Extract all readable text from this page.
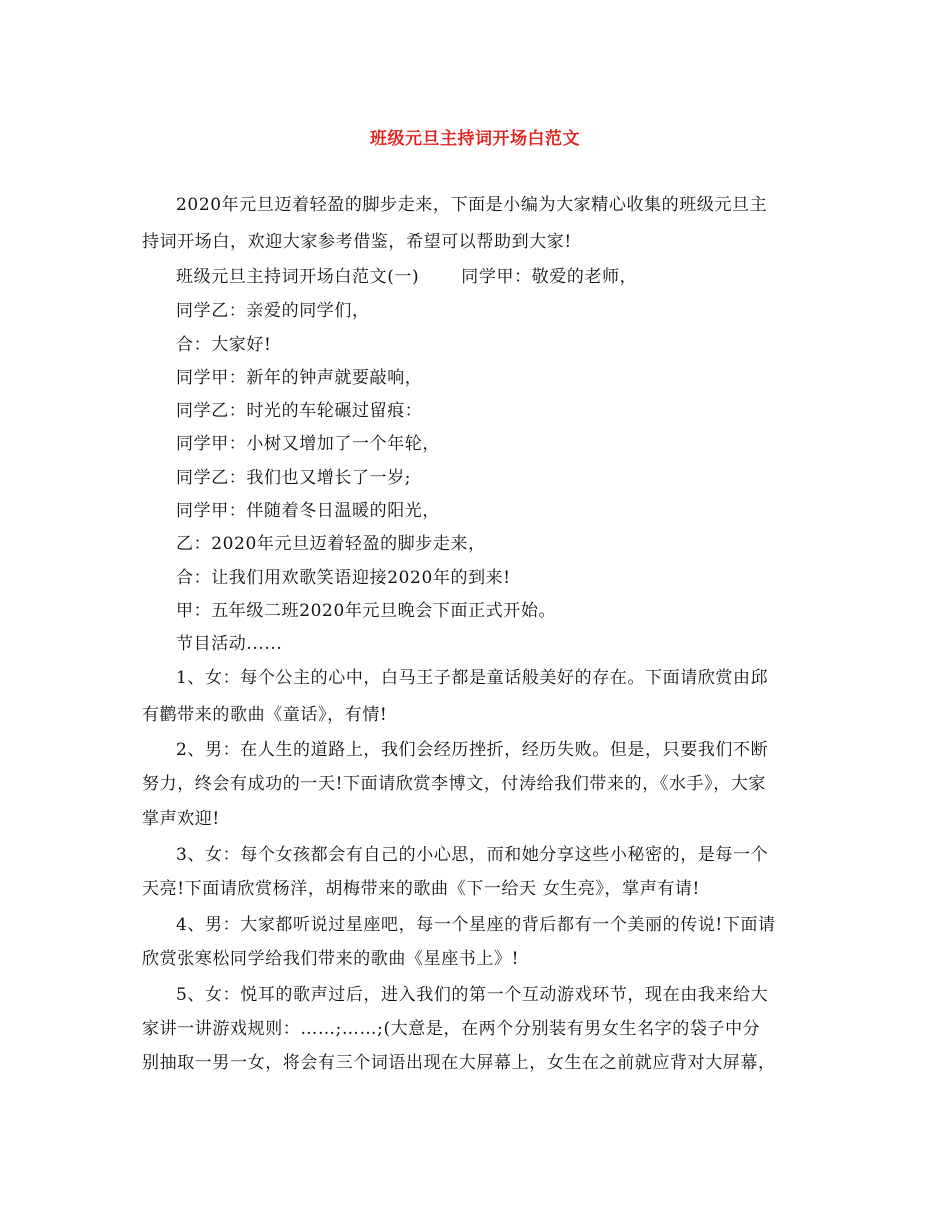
班级元旦主持词开场白范文
2020年元旦迈着轻盈的脚步走来，下面是小编为大家精心收集的班级元旦主
持词开场白，欢迎大家参考借鉴，希望可以帮助到大家!
班级元旦主持词开场白范文(一) 同学甲：敬爱的老师，
同学乙：亲爱的同学们，
合：大家好!
同学甲：新年的钟声就要敲响，
同学乙：时光的车轮碾过留痕：
同学甲：小树又增加了一个年轮，
同学乙：我们也又增长了一岁;
同学甲：伴随着冬日温暖的阳光，
乙：2020年元旦迈着轻盈的脚步走来，
合：让我们用欢歌笑语迎接2020年的到来!
甲：五年级二班2020年元旦晚会下面正式开始。
节目活动......
1、女：每个公主的心中，白马王子都是童话般美好的存在。下面请欣赏由邱
有鹳带来的歌曲《童话》，有情!
2、男：在人生的道路上，我们会经历挫折，经历失败。但是，只要我们不断
努力，终会有成功的一天!下面请欣赏李博文，付涛给我们带来的，《水手》，大家
掌声欢迎!
3、女：每个女孩都会有自己的小心思，而和她分享这些小秘密的，是每一个
天亮!下面请欣赏杨洋，胡梅带来的歌曲《下一给天 女生亮》，掌声有请!
4、男：大家都听说过星座吧，每一个星座的背后都有一个美丽的传说!下面请
欣赏张寒松同学给我们带来的歌曲《星座书上》!
5、女：悦耳的歌声过后，进入我们的第一个互动游戏环节，现在由我来给大
家讲一讲游戏规则：……;……;(大意是，在两个分别装有男女生名字的袋子中分
别抽取一男一女，将会有三个词语出现在大屏幕上，女生在之前就应背对大屏幕，
